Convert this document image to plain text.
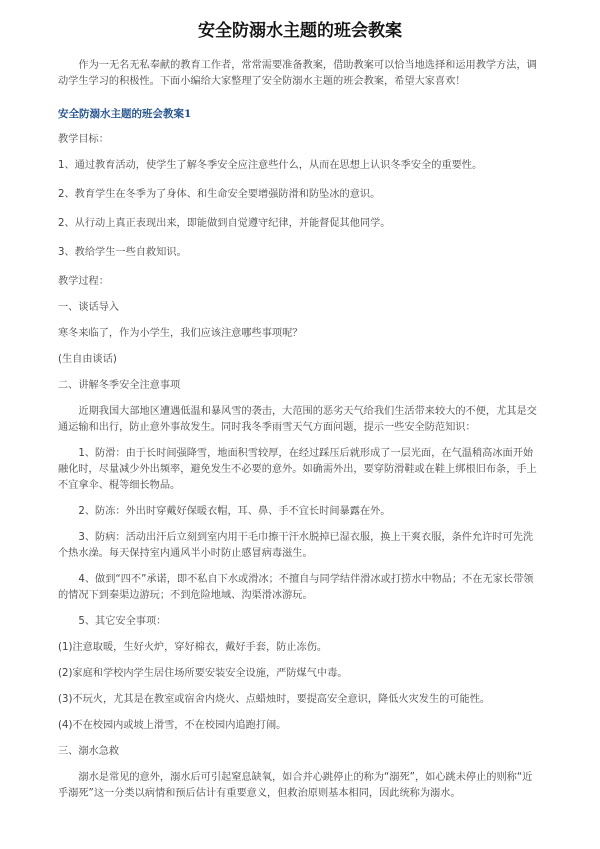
安全防溺水主题的班会教案

作为一无名无私奉献的教育工作者，常常需要准备教案，借助教案可以恰当地选择和运用教学方法，调动学生学习的积极性。下面小编给大家整理了安全防溺水主题的班会教案，希望大家喜欢！

安全防溺水主题的班会教案1

教学目标：

1、通过教育活动，使学生了解冬季安全应注意些什么，从而在思想上认识冬季安全的重要性。

2、教育学生在冬季为了身体、和生命安全要增强防滑和防坠冰的意识。

2、从行动上真正表现出来，即能做到自觉遵守纪律，并能督促其他同学。

3、教给学生一些自救知识。

教学过程：

一、谈话导入

寒冬来临了，作为小学生，我们应该注意哪些事项呢？

(生自由谈话)

二、讲解冬季安全注意事项

近期我国大部地区遭遇低温和暴风雪的袭击，大范围的恶劣天气给我们生活带来较大的不便，尤其是交通运输和出行，防止意外事故发生。同时我冬季雨雪天气方面问题，提示一些安全防范知识：

1、防滑：由于长时间强降雪，地面积雪较厚，在经过踩压后就形成了一层光面，在气温稍高冰面开始融化时，尽量减少外出频率，避免发生不必要的意外。如确需外出，要穿防滑鞋或在鞋上绑根旧布条，手上不宜拿伞、棍等细长物品。

2、防冻：外出时穿戴好保暖衣帽，耳、鼻、手不宜长时间暴露在外。

3、防病：活动出汗后立刻到室内用干毛巾擦干汗水脱掉已湿衣服，换上干爽衣服，条件允许时可先洗个热水澡。每天保持室内通风半小时防止感冒病毒滋生。

4、做到“四不”承诺，即不私自下水或滑冰；不擅自与同学结伴滑冰或打捞水中物品；不在无家长带领的情况下到秦渠边游玩；不到危险地域、沟渠滑冰游玩。

5、其它安全事项：

(1)注意取暖，生好火炉，穿好棉衣，戴好手套，防止冻伤。

(2)家庭和学校内学生居住场所要安装安全设施，严防煤气中毒。

(3)不玩火，尤其是在教室或宿舍内烧火、点蜡烛时，要提高安全意识，降低火灾发生的可能性。

(4)不在校园内或坡上滑雪，不在校园内追跑打闹。

三、溺水急救

溺水是常见的意外，溺水后可引起窒息缺氧，如合并心跳停止的称为“溺死”，如心跳未停止的则称“近乎溺死”这一分类以病情和预后估计有重要意义，但救治原则基本相同，因此统称为溺水。
